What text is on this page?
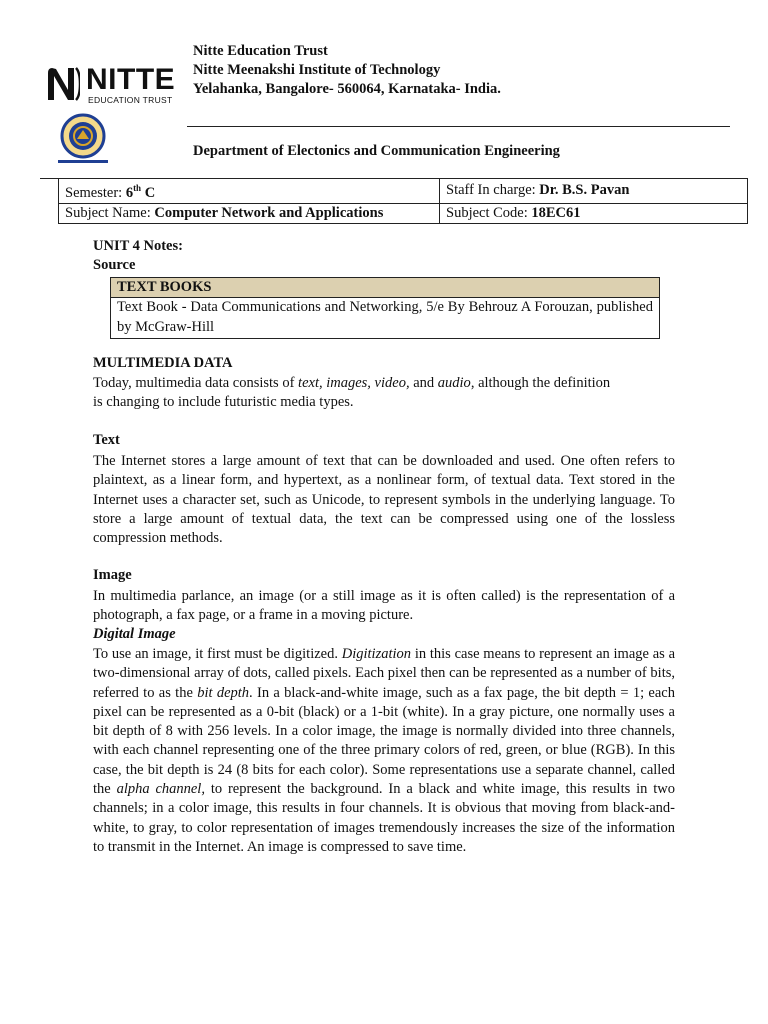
NITTE
EDUCATION TRUST
Nitte Education Trust
Nitte Meenakshi Institute of Technology
Yelahanka, Bangalore- 560064, Karnataka- India.
Department of Electonics and Communication Engineering
Semester: 6th C	Staff In charge: Dr. B.S. Pavan
Subject Name: Computer Network and Applications	Subject Code: 18EC61
UNIT 4 Notes:
Source
TEXT BOOKS
Text Book - Data Communications and Networking, 5/e By Behrouz A Forouzan, published by McGraw-Hill
MULTIMEDIA DATA
Today, multimedia data consists of text, images, video, and audio, although the definition
is changing to include futuristic media types.
Text
The Internet stores a large amount of text that can be downloaded and used. One often refers to plaintext, as a linear form, and hypertext, as a nonlinear form, of textual data. Text stored in the Internet uses a character set, such as Unicode, to represent symbols in the underlying language. To store a large amount of textual data, the text can be compressed using one of the lossless compression methods.
Image
In multimedia parlance, an image (or a still image as it is often called) is the representation of a photograph, a fax page, or a frame in a moving picture.
Digital Image
To use an image, it first must be digitized. Digitization in this case means to represent an image as a two-dimensional array of dots, called pixels. Each pixel then can be represented as a number of bits, referred to as the bit depth. In a black-and-white image, such as a fax page, the bit depth = 1; each pixel can be represented as a 0-bit (black) or a 1-bit (white). In a gray picture, one normally uses a bit depth of 8 with 256 levels. In a color image, the image is normally divided into three channels, with each channel representing one of the three primary colors of red, green, or blue (RGB). In this case, the bit depth is 24 (8 bits for each color). Some representations use a separate channel, called the alpha channel, to represent the background. In a black and white image, this results in two channels; in a color image, this results in four channels. It is obvious that moving from black-and-white, to gray, to color representation of images tremendously increases the size of the information to transmit in the Internet. An image is compressed to save time.
